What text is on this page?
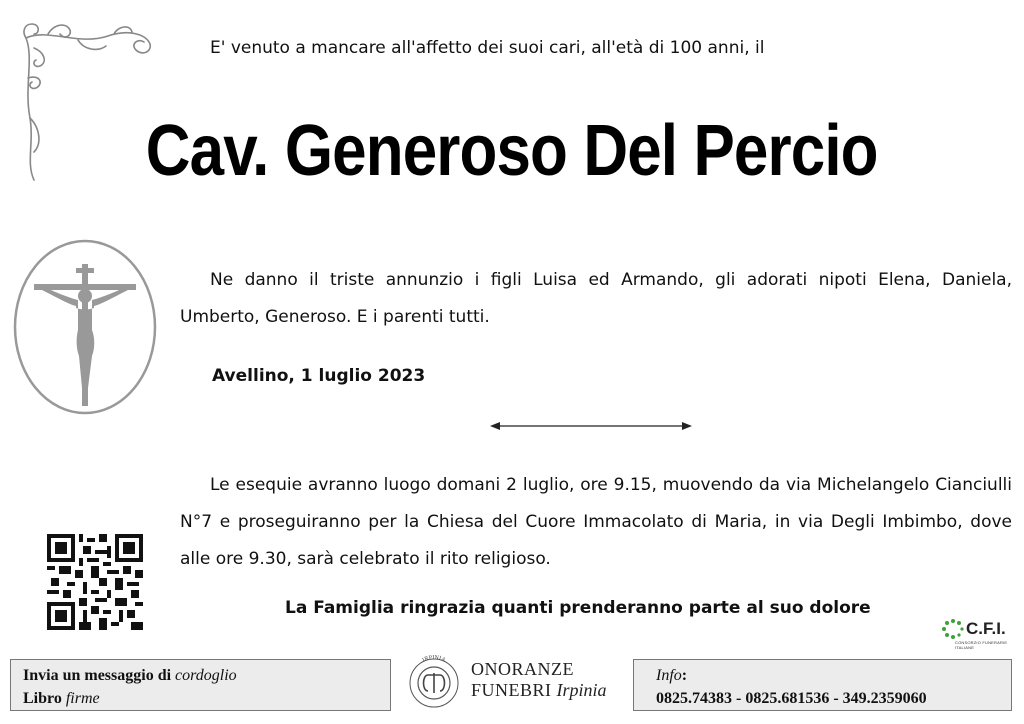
E' venuto a mancare all'affetto dei suoi cari, all'età di 100 anni, il
Cav. Generoso Del Percio
Ne danno il triste annunzio i figli Luisa ed Armando, gli adorati nipoti Elena, Daniela, Umberto, Generoso. E i parenti tutti.
Avellino, 1 luglio 2023
Le esequie avranno luogo domani 2 luglio, ore 9.15, muovendo da via Michelangelo Cianciulli N°7 e proseguiranno per la Chiesa del Cuore Immacolato di Maria, in via Degli Imbimbo, dove alle ore 9.30, sarà celebrato il rito religioso.
La Famiglia ringrazia quanti prenderanno parte al suo dolore
C.F.I.
CONSORZIO FUNERARIE ITALIANE
Invia un messaggio di cordoglio
Libro firme
IRPINIA ONORANZE
FUNEBRI Irpinia
Info:
0825.74383 - 0825.681536 - 349.2359060
